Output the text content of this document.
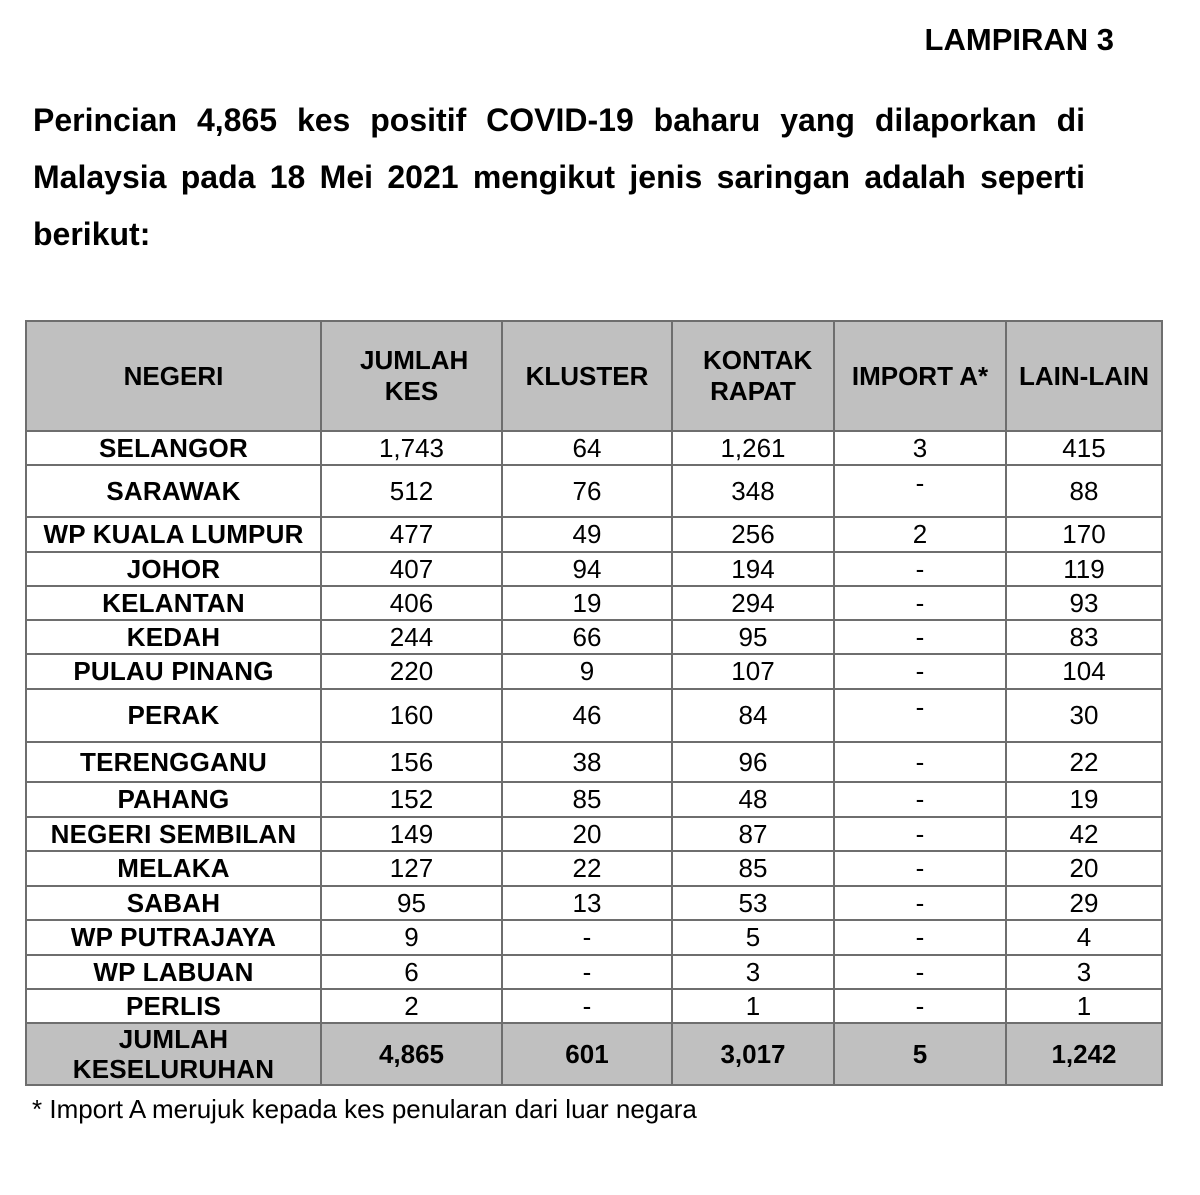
LAMPIRAN 3
Perincian 4,865 kes positif COVID-19 baharu yang dilaporkan di Malaysia pada 18 Mei 2021 mengikut jenis saringan adalah seperti berikut:
NEGERI	JUMLAH KES	KLUSTER	KONTAK RAPAT	IMPORT A*	LAIN-LAIN
SELANGOR	1,743	64	1,261	3	415
SARAWAK	512	76	348	-	88
WP KUALA LUMPUR	477	49	256	2	170
JOHOR	407	94	194	-	119
KELANTAN	406	19	294	-	93
KEDAH	244	66	95	-	83
PULAU PINANG	220	9	107	-	104
PERAK	160	46	84	-	30
TERENGGANU	156	38	96	-	22
PAHANG	152	85	48	-	19
NEGERI SEMBILAN	149	20	87	-	42
MELAKA	127	22	85	-	20
SABAH	95	13	53	-	29
WP PUTRAJAYA	9	-	5	-	4
WP LABUAN	6	-	3	-	3
PERLIS	2	-	1	-	1
JUMLAH KESELURUHAN	4,865	601	3,017	5	1,242
* Import A merujuk kepada kes penularan dari luar negara
